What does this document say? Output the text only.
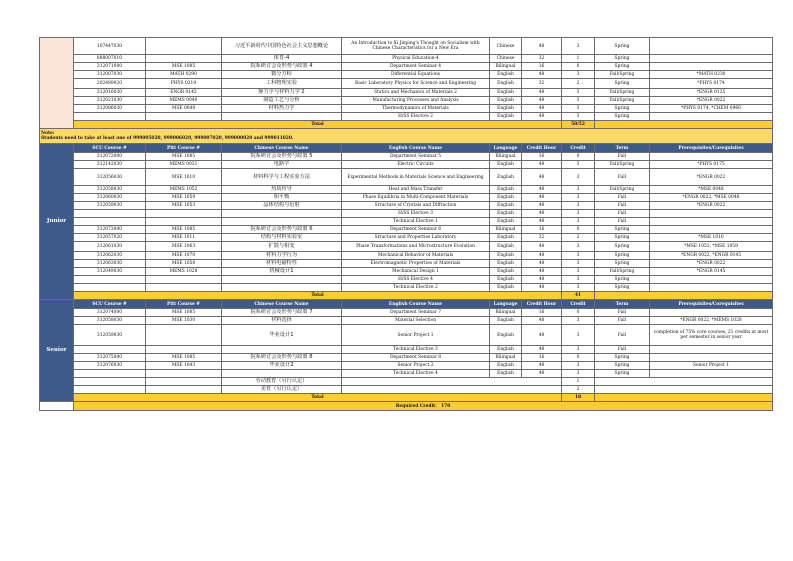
	107447030		习近平新时代中国特色社会主义思想概论	An Introduction to Xi Jinping's Thought on Socialism with Chinese Characteristics for a New Era	Chinese	48	3	Spring	
	888007010		体育-4	Physical Education-4	Chinese	32	1	Spring	
	312071000	MSE 1085	院系研讨会及形势与政策 4	Department Seminar 4	Bilingual	16	0	Spring	
	312007030	MATH 0290	微分方程	Differential Equations	English	48	3	Fall/Spring	*MATH 0230
	202489020	PHYS 0219	工科物理实验	Basic Laboratory Physics for Science and Engineering	English	32	2	Spring	*PHYS 0174
	312016030	ENGR 0145	静力学与材料力学 2	Statics and Mechanics of Materials 2	English	48	3	Fall/Spring	*ENGR 0135
	312021030	MEMS 0040	制造工艺与分析	Manufacturing Processes and Analysis	English	48	3	Fall/Spring	*ENGR 0022
	312086030	MSE 0048	材料热力学	Thermodynamics of Materials	English	48	3	Spring	*PHYS 0174, *CHEM 0960
				H/SS Elective 2	English	48	3	Spring	
	Total						50/52		

Note:
Students need to take at least one of 999005020, 999006020, 999007020, 999000020 and 999011020.									

Junior	SCU Course #	Pitt Course #	Chinese Course Name	English Course Name	Language	Credit Hour	Credit	Term	Prerequisites/Corequisites
	312072000	MSE 1085	院系研讨会及形势与政策 5	Department Seminar 5	Bilingual	16	0	Fall	
	312142030	MEMS 0031	电路学	Electric Circuits	English	48	3	Fall/Spring	*PHYS 0175
	312056030	MSE 1010	材料科学与工程实验方法	Experimental Methods in Materials Science and Engineering	English	48	3	Fall	*ENGR 0022
	312058030	MEMS 1052	热质传导	Heat and Mass Transfer	English	48	3	Fall/Spring	*MSE 0048
	312060030	MSE 1059	相平衡	Phase Equilibria in Multi-Component Materials	English	48	3	Fall	*ENGR 0022, *MSE 0048
	312059030	MSE 1053	晶体结构与衍射	Structure of Crystals and Diffraction	English	48	3	Fall	*ENGR 0022
				H/SS Elective 3	English	48	3	Fall	
				Technical Elective 1	English	48	3	Fall	
	312073000	MSE 1085	院系研讨会及形势与政策 6	Department Seminar 6	Bilingual	16	0	Spring	
	312057020	MSE 1011	结构与材料实验室	Structure and Properties Laboratory	English	32	2	Spring	*MSE 1010
	312061030	MSE 1063	扩散与相变	Phase Transformations and Microstructure Evolution	English	48	3	Spring	*MSE 1053, *MSE 1059
	312062030	MSE 1070	材料力学行为	Mechanical Behavior of Materials	English	48	3	Spring	*ENGR 0022, *ENGR 0145
	312063030	MSE 1058	材料电磁特性	Electromagnetic Properties of Materials	English	48	3	Spring	*ENGR 0022
	312049030	MEMS 1028	机械设计1	Mechanical Design 1	English	48	3	Fall/Spring	*ENGR 0145
				H/SS Elective 4	English	48	3	Spring	
				Technical Elective 2	English	48	3	Spring	
	Total						41		
Senior	SCU Course #	Pitt Course #	Chinese Course Name	English Course Name	Language	Credit Hour	Credit	Term	Prerequisites/Corequisites
	312074000	MSE 1085	院系研讨会及形势与政策 7	Department Seminar 7	Bilingual	16	0	Fall	
	312058030	MSE 1030	材料选择	Material Selection	English	48	3	Fall	*ENGR 0022, *MEMS 1028
	312059030		毕业设计1	Senior Project 1	English	48	3	Fall	completion of 75% core courses, 21 credits at most per semester in senior year
				Technical Elective 3	English	48	3	Fall	
	312075000	MSE 1085	院系研讨会及形势与政策 8	Department Seminar 8	Bilingual	16	0	Spring	
	312076030	MSE 1043	毕业设计2	Senior Project 2	English	48	3	Spring	Senior Project 1
				Technical Elective 4	English	48	3	Spring	
			劳动教育（另行认定）				1		
			美育（另行认定）				2		
	Total						18		
	Required Credit： 170								
